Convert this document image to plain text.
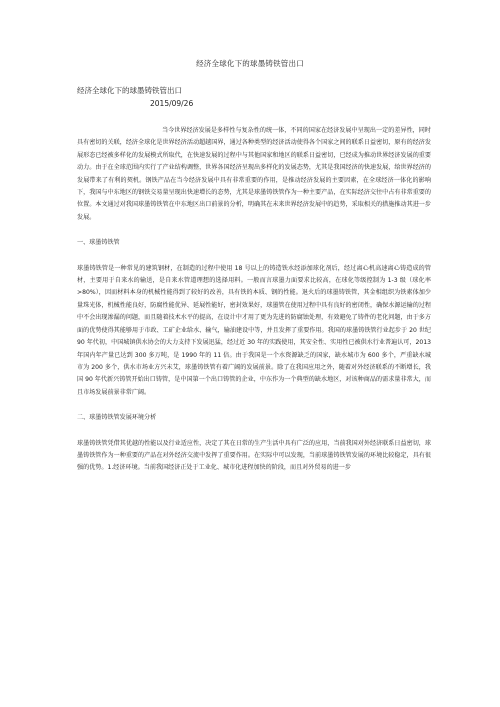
经济全球化下的球墨铸铁管出口
经济全球化下的球墨铸铁管出口
2015/09/26

当今世界经济发展是多样性与复杂性的统一体，不同的国家在经济发展中呈现出一定的差异性，同时具有密切的关联，经济全球化是世界经济活动超越国界，通过各种类型的经济活动使得各个国家之间的联系日益密切，原有的经济发展形态已经被多样化的发展模式所取代，在快速发展的过程中与其他国家和地区的联系日益密切，已经成为推动世界经济发展的重要动力。由于在全球范围内实行了产业结构调整，世界各国经济呈现出多样化的发展态势，尤其是我国经济的快速发展，给世界经济的发展带来了有利的契机。钢铁产品在当今经济发展中具有非常重要的作用，是推动经济发展的主要因素，在全球经济一体化的影响下，我国与中东地区的钢铁交易量呈现出快速增长的态势，尤其是球墨铸铁管作为一种主要产品，在实际经济交往中占有非常重要的位置。本文通过对我国球墨铸铁管在中东地区出口前景的分析，明确其在未来世界经济发展中的趋势，采取相关的措施推动其进一步发展。

一、球墨铸铁管

球墨铸铁管是一种常见的建筑钢材，在制造的过程中使用 18 号以上的铸造铁水经添加球化剂后，经过离心机高速离心铸造成的管材，主要用于自来水的输送，是自来水管道理想的选择用料。一般而言球墨力面要求比较高，在球化等级控制为 1-3 级（球化率>80%），因而材料本身的机械性能得到了较好的改善，具有铁的本质、钢的性能。退火后的球墨铸铁管，其金相组织为铁素体加少量珠光体，机械性能良好，防腐性能优异、延展性能好，密封效果好，球墨管在使用过程中具有良好的密闭性，确保水源运输的过程中不会出现渗漏的问题，而且随着技术水平的提高，在设计中才用了更为先进的防腐蚀处理，有效避免了铸件的老化问题，由于多方面的优势使得其能够用于市政、工矿企业给水、输气，输油建设中等，并且发挥了重要作用。我国的球墨铸铁管行业起步于 20 世纪 90 年代初，中国城镇供水协会的大力支持下发展迅猛，经过近 30 年的实践使用，其安全性、实用性已被供水行业普遍认可，2013 年国内年产量已达到 300 多万吨，是 1990 年的 11 倍。由于我国是一个水资源缺乏的国家，缺水城市为 600 多个，严重缺水城市为 200 多个，供水市场业方兴未艾，球墨铸铁管有着广阔的发展前景。除了在我国应用之外，随着对外经济联系的不断增长，我国 90 年代新兴铸管开始出口铸管，是中国第一个出口铸管的企业，中东作为一个典型的缺水地区，对该种商品的需求量非常大，而且市场发展前景非常广阔。

二、球墨铸铁管发展环境分析

球墨铸铁管凭借其优越的性能以及行业适应性，决定了其在日常的生产生活中具有广泛的应用，当前我国对外经济联系日益密切，球墨铸铁管作为一种重要的产品在对外经济交流中发挥了重要作用。在实际中可以发现，当前球墨铸铁管发展的环境比较稳定，具有很强的优势。1.经济环境。当前我国经济正处于工业化、城市化进程加快的阶段，而且对外贸易的进一步
